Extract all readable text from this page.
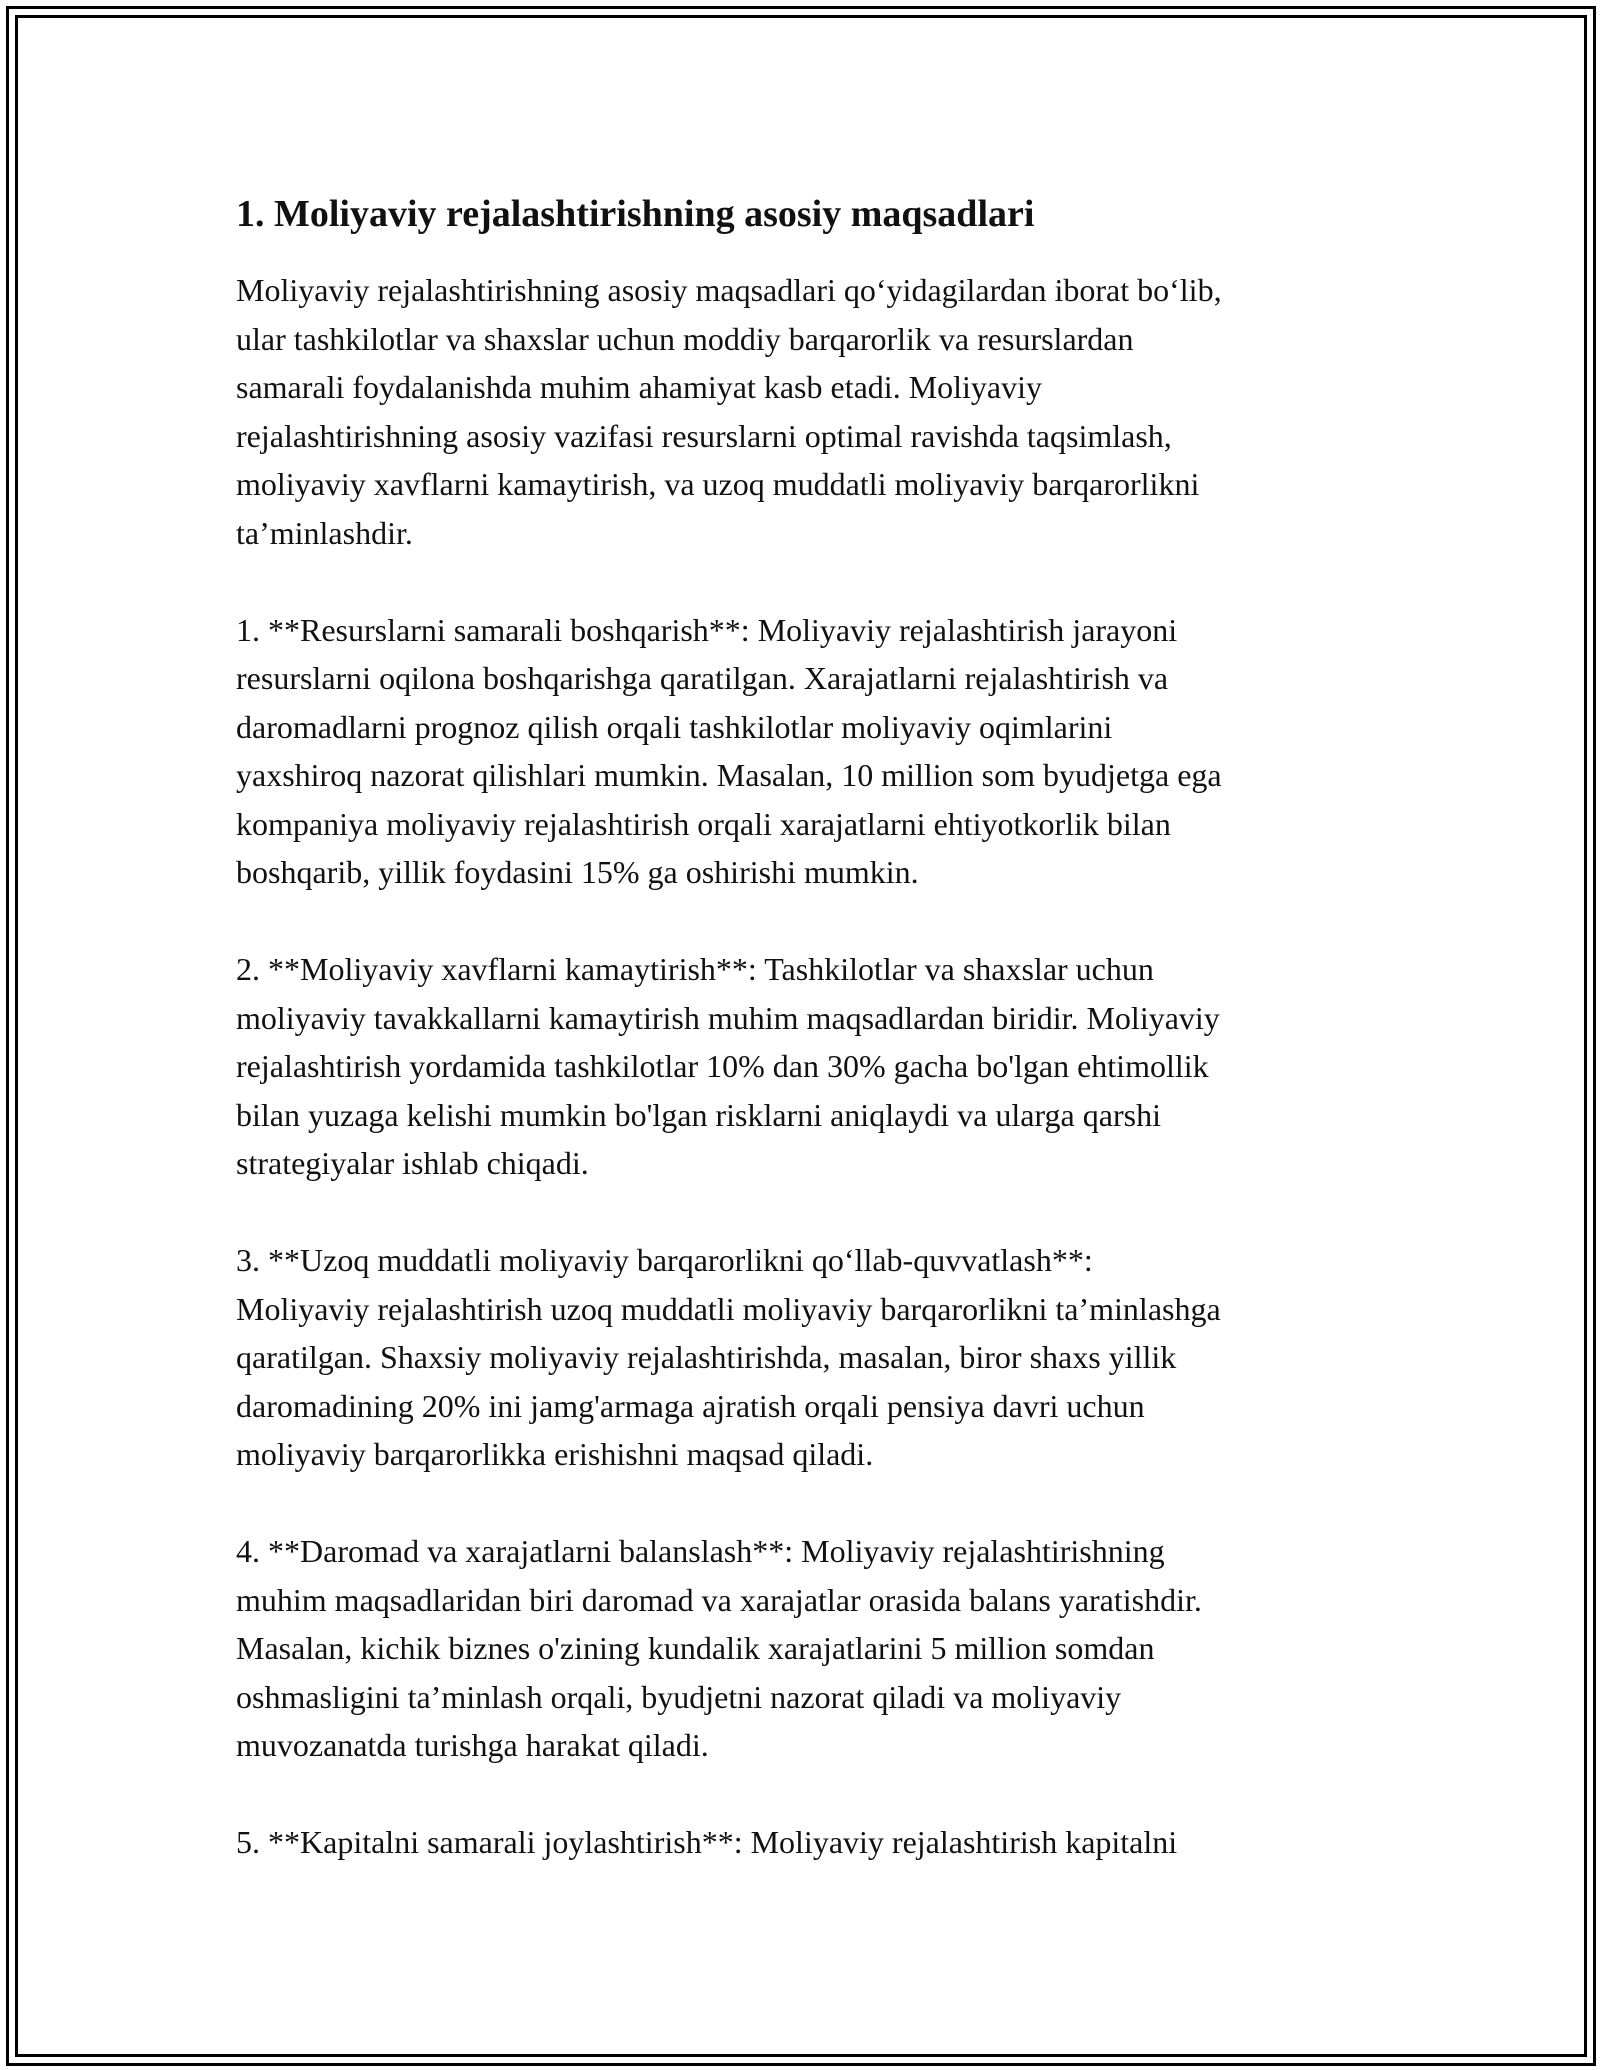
1. Moliyaviy rejalashtirishning asosiy maqsadlari

Moliyaviy rejalashtirishning asosiy maqsadlari qo‘yidagilardan iborat bo‘lib,
ular tashkilotlar va shaxslar uchun moddiy barqarorlik va resurslardan
samarali foydalanishda muhim ahamiyat kasb etadi. Moliyaviy
rejalashtirishning asosiy vazifasi resurslarni optimal ravishda taqsimlash,
moliyaviy xavflarni kamaytirish, va uzoq muddatli moliyaviy barqarorlikni
ta’minlashdir.

1. **Resurslarni samarali boshqarish**: Moliyaviy rejalashtirish jarayoni
resurslarni oqilona boshqarishga qaratilgan. Xarajatlarni rejalashtirish va
daromadlarni prognoz qilish orqali tashkilotlar moliyaviy oqimlarini
yaxshiroq nazorat qilishlari mumkin. Masalan, 10 million som byudjetga ega
kompaniya moliyaviy rejalashtirish orqali xarajatlarni ehtiyotkorlik bilan
boshqarib, yillik foydasini 15% ga oshirishi mumkin.

2. **Moliyaviy xavflarni kamaytirish**: Tashkilotlar va shaxslar uchun
moliyaviy tavakkallarni kamaytirish muhim maqsadlardan biridir. Moliyaviy
rejalashtirish yordamida tashkilotlar 10% dan 30% gacha bo'lgan ehtimollik
bilan yuzaga kelishi mumkin bo'lgan risklarni aniqlaydi va ularga qarshi
strategiyalar ishlab chiqadi.

3. **Uzoq muddatli moliyaviy barqarorlikni qo‘llab-quvvatlash**:
Moliyaviy rejalashtirish uzoq muddatli moliyaviy barqarorlikni ta’minlashga
qaratilgan. Shaxsiy moliyaviy rejalashtirishda, masalan, biror shaxs yillik
daromadining 20% ini jamg'armaga ajratish orqali pensiya davri uchun
moliyaviy barqarorlikka erishishni maqsad qiladi.

4. **Daromad va xarajatlarni balanslash**: Moliyaviy rejalashtirishning
muhim maqsadlaridan biri daromad va xarajatlar orasida balans yaratishdir.
Masalan, kichik biznes o'zining kundalik xarajatlarini 5 million somdan
oshmasligini ta’minlash orqali, byudjetni nazorat qiladi va moliyaviy
muvozanatda turishga harakat qiladi.

5. **Kapitalni samarali joylashtirish**: Moliyaviy rejalashtirish kapitalni
